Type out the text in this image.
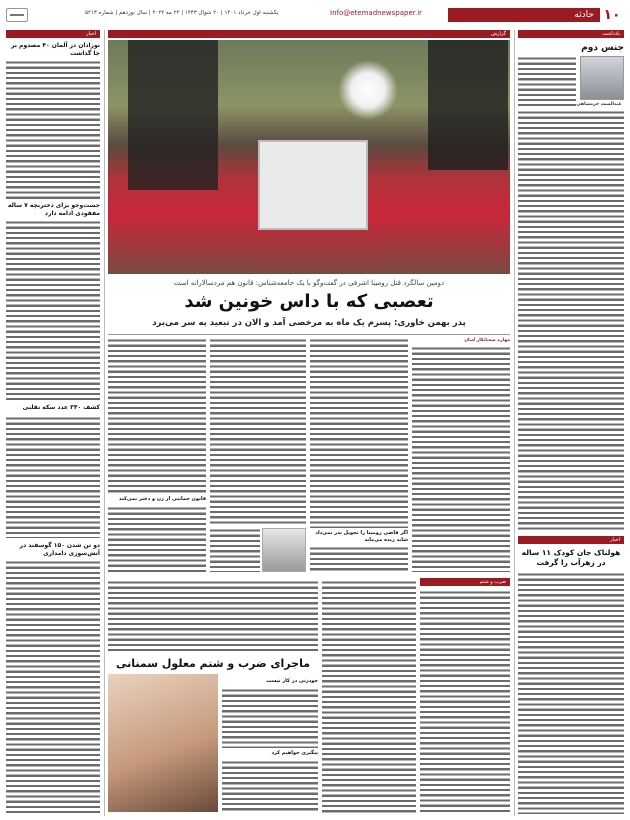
۱۰
حادثه
Info@etemadnewspaper.ir
یکشنبه اول خرداد ۱۴۰۱ | ۲۰ شوال ۱۴۴۳ | ۲۲ مه ۲۰۲۲ | سال نوزدهم | شماره ۵۲۱۳
یادداشت
جنس دوم
عبدالصمد خرمشاهی
اخبار
هولناک جان کودک ۱۱ ساله در زهرآب را گرفت
گزارش
دومین سالگرد قتل رومینا اشرفی در گفت‌وگو با یک جامعه‌شناس: قانون هم مردسالارانه است
تعصبی که با داس خونین شد
پدر بهمن خاوری: پسرم یک ماه به مرخصی آمد و الان در تبعید به سر می‌برد
مهاره شعبانکار لنیان
اگر قاضی رومینا را تحویل پدر نمی‌داد شاید زنده می‌ماند
قانون حمایتی از زن و دختر نمی‌کند
ضرب و شتم
ماجرای ضرب و شتم معلول سمنانی
خودزنی در کار نیست
پیگیری خواهیم کرد
اخبار
نوزادان در آلمان ۴۰ مصدوم بر جا گذاشت
جست‌وجو برای دختربچه ۷ ساله مفقودی ادامه دارد
کشف ۳۴۰ عدد سکه تقلبی
دو تن شدن ۱۵۰ گوسفند در آتش‌سوزی دامداری
